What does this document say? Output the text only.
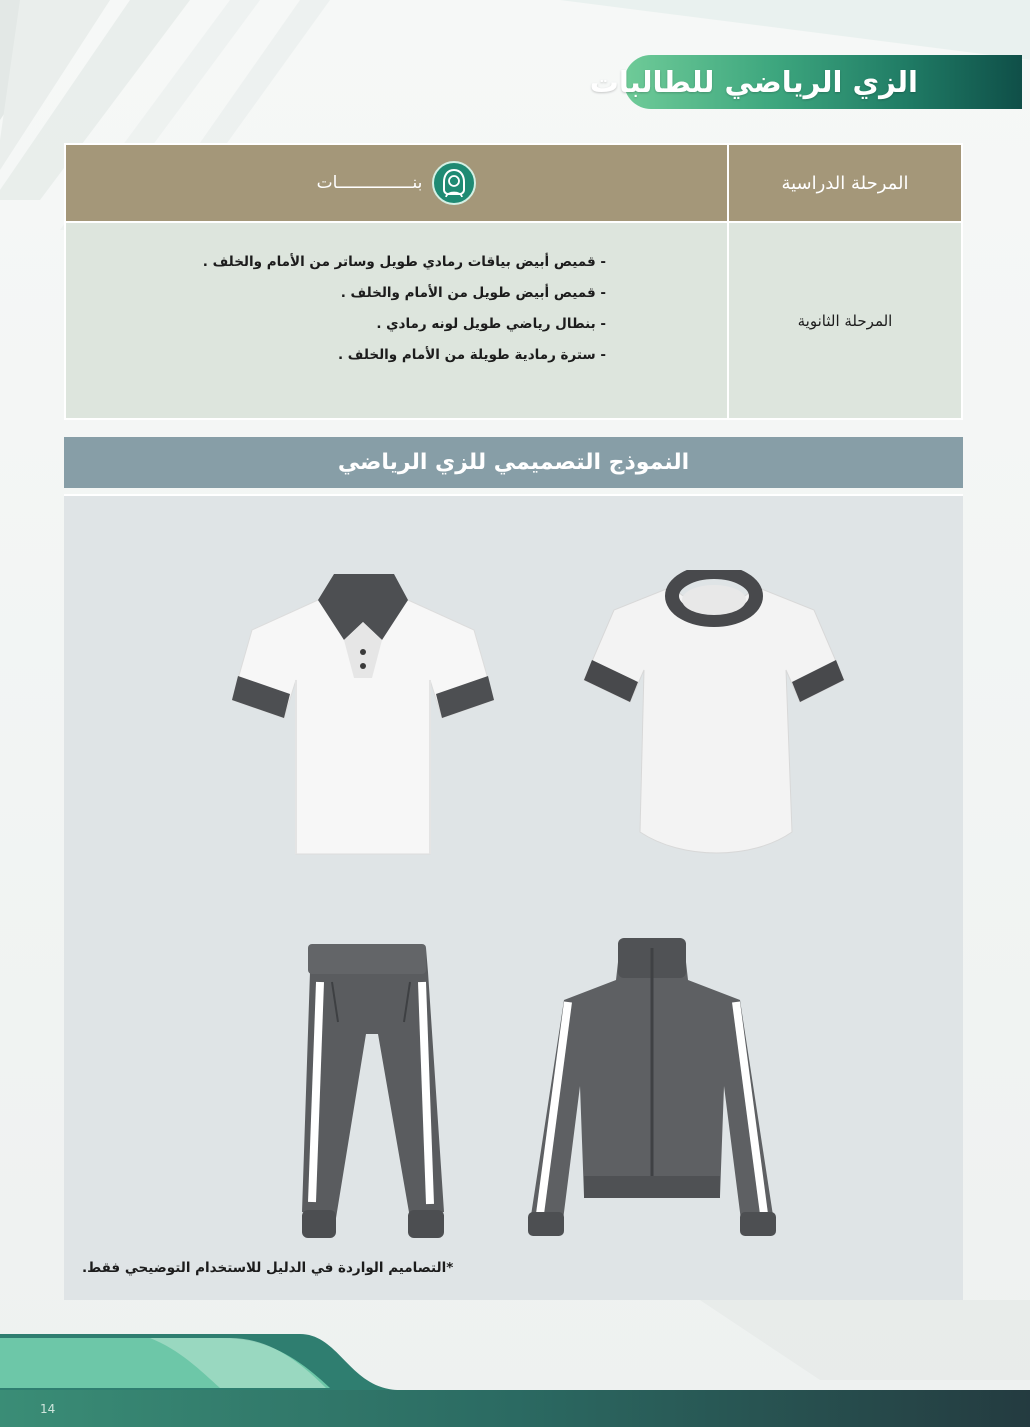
الزي الرياضي للطالبات
المرحلة الدراسية
بنـــــــــــــــات
المرحلة الثانوية
- قميص أبيض بياقات رمادي طويل وساتر من الأمام والخلف .
- قميص أبيض طويل من الأمام والخلف .
- بنطال رياضي طويل لونه رمادي .
- سترة رمادية طويلة من الأمام والخلف .
النموذج التصميمي للزي الرياضي
*التصاميم الواردة في الدليل للاستخدام التوضيحي فقط.
14
